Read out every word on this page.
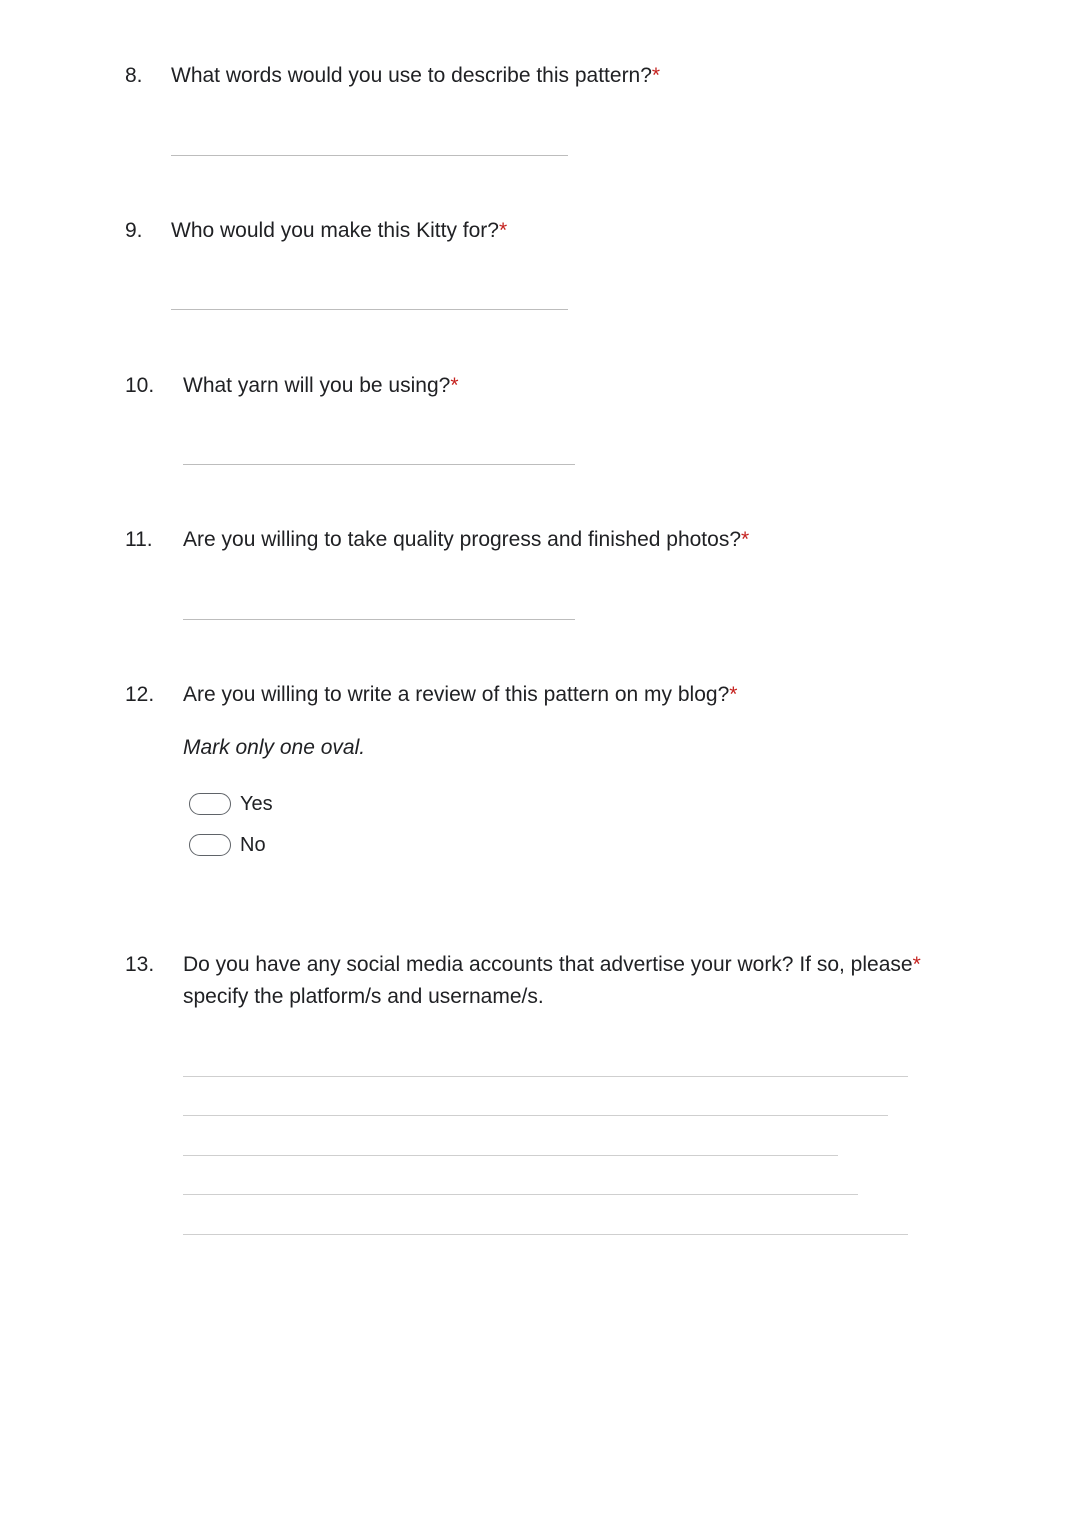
8. What words would you use to describe this pattern?*
9. Who would you make this Kitty for?*
10. What yarn will you be using?*
11. Are you willing to take quality progress and finished photos?*
12. Are you willing to write a review of this pattern on my blog?*
Mark only one oval.
Yes
No
13. Do you have any social media accounts that advertise your work? If so, please*
specify the platform/s and username/s.
